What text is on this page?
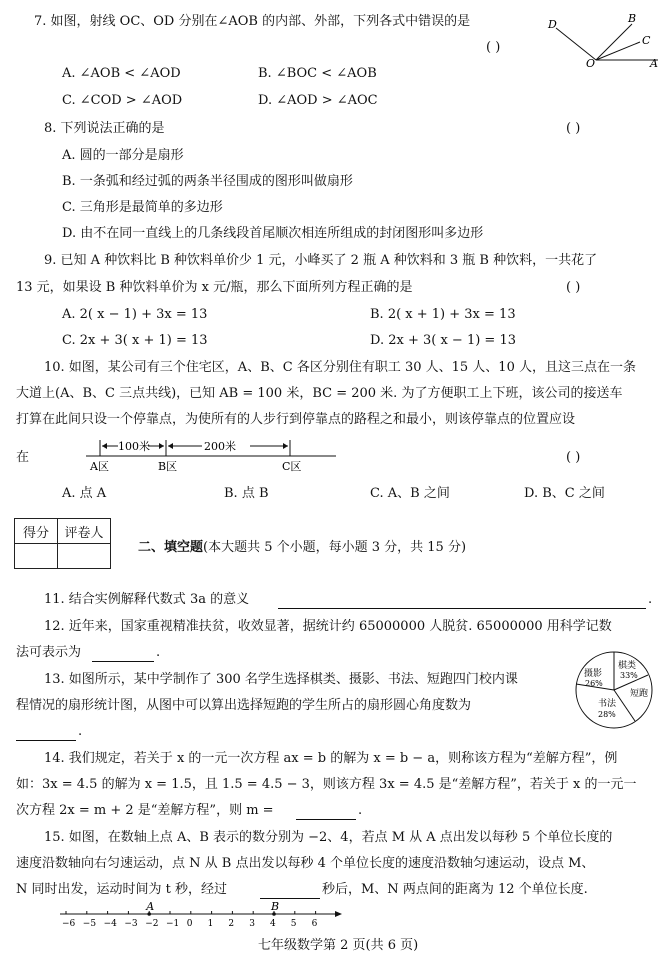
7. 如图，射线 OC、OD 分别在∠AOB 的内部、外部，下列各式中错误的是
( )
D	B
C
O	A
A. ∠AOB < ∠AOD	B. ∠BOC < ∠AOB
C. ∠COD > ∠AOD	D. ∠AOD > ∠AOC
8. 下列说法正确的是	( )
A. 圆的一部分是扇形
B. 一条弧和经过弧的两条半径围成的图形叫做扇形
C. 三角形是最简单的多边形
D. 由不在同一直线上的几条线段首尾顺次相连所组成的封闭图形叫多边形
9. 已知 A 种饮料比 B 种饮料单价少 1 元，小峰买了 2 瓶 A 种饮料和 3 瓶 B 种饮料，一共花了
13 元，如果设 B 种饮料单价为 x 元/瓶，那么下面所列方程正确的是	( )
A. 2( x − 1) + 3x = 13	B. 2( x + 1) + 3x = 13
C. 2x + 3( x + 1) = 13	D. 2x + 3( x − 1) = 13
10. 如图，某公司有三个住宅区，A、B、C 各区分别住有职工 30 人、15 人、10 人，且这三点在一条
大道上(A、B、C 三点共线)，已知 AB = 100 米，BC = 200 米. 为了方便职工上下班，该公司的接送车
打算在此间只设一个停靠点，为使所有的人步行到停靠点的路程之和最小，则该停靠点的位置应设
在	( )
100米	200米
A区	B区	C区
A. 点 A	B. 点 B	C. A、B 之间	D. B、C 之间
得分	评卷人

二、填空题(本大题共 5 个小题，每小题 3 分，共 15 分)
11. 结合实例解释代数式 3a 的意义	.
12. 近年来，国家重视精准扶贫，收效显著，据统计约 65000000 人脱贫. 65000000 用科学记数
法可表示为	.
13. 如图所示，某中学制作了 300 名学生选择棋类、摄影、书法、短跑四门校内课
程情况的扇形统计图，从图中可以算出选择短跑的学生所占的扇形圆心角度数为
.
棋类
33%
摄影
26%
短跑
书法
28%
14. 我们规定，若关于 x 的一元一次方程 ax = b 的解为 x = b − a，则称该方程为“差解方程”，例
如：3x = 4.5 的解为 x = 1.5，且 1.5 = 4.5 − 3，则该方程 3x = 4.5 是“差解方程”，若关于 x 的一元一
次方程 2x = m + 2 是“差解方程”，则 m =	.
15. 如图，在数轴上点 A、B 表示的数分别为 −2、4，若点 M 从 A 点出发以每秒 5 个单位长度的
速度沿数轴向右匀速运动，点 N 从 B 点出发以每秒 4 个单位长度的速度沿数轴匀速运动，设点 M、
N 同时出发，运动时间为 t 秒，经过	秒后，M、N 两点间的距离为 12 个单位长度.
−6 −5 −4 −3 −2 −1 0 1 2 3 4 5 6
A	B
七年级数学第 2 页(共 6 页)
